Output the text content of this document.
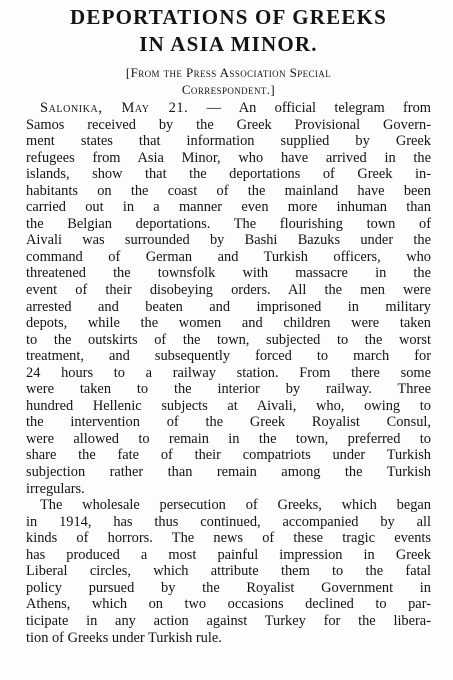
DEPORTATIONS OF GREEKS
IN ASIA MINOR.
[From the Press Association Special
Correspondent.]

Salonika, May 21. — An official telegram from
Samos received by the Greek Provisional Govern-
ment states that information supplied by Greek
refugees from Asia Minor, who have arrived in the
islands, show that the deportations of Greek in-
habitants on the coast of the mainland have been
carried out in a manner even more inhuman than
the Belgian deportations. The flourishing town of
Aivali was surrounded by Bashi Bazuks under the
command of German and Turkish officers, who
threatened the townsfolk with massacre in the
event of their disobeying orders. All the men were
arrested and beaten and imprisoned in military
depots, while the women and children were taken
to the outskirts of the town, subjected to the worst
treatment, and subsequently forced to march for
24 hours to a railway station. From there some
were taken to the interior by railway. Three
hundred Hellenic subjects at Aivali, who, owing to
the intervention of the Greek Royalist Consul,
were allowed to remain in the town, preferred to
share the fate of their compatriots under Turkish
subjection rather than remain among the Turkish
irregulars.

The wholesale persecution of Greeks, which began
in 1914, has thus continued, accompanied by all
kinds of horrors. The news of these tragic events
has produced a most painful impression in Greek
Liberal circles, which attribute them to the fatal
policy pursued by the Royalist Government in
Athens, which on two occasions declined to par-
ticipate in any action against Turkey for the libera-
tion of Greeks under Turkish rule.
